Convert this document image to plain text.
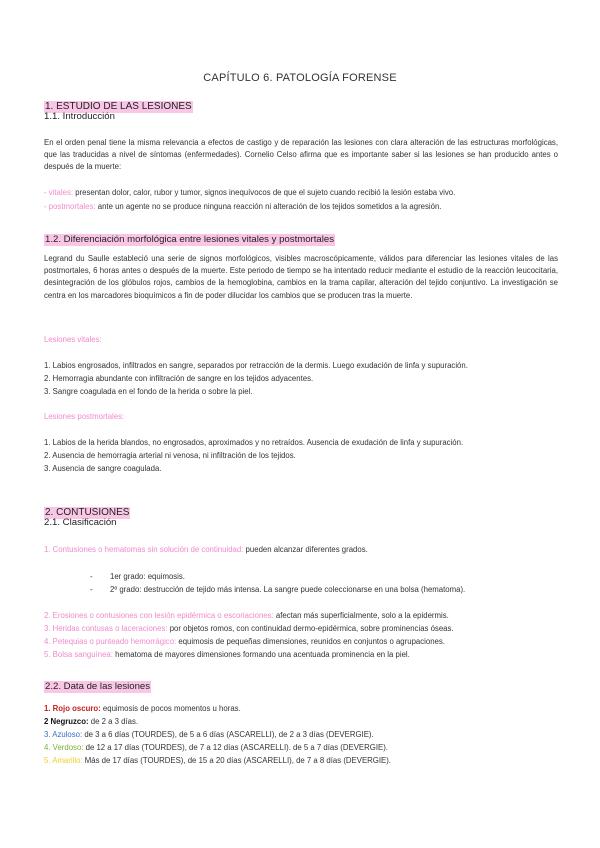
CAPÍTULO 6. PATOLOGÍA FORENSE
1. ESTUDIO DE LAS LESIONES
1.1. Introducción
En el orden penal tiene la misma relevancia a efectos de castigo y de reparación las lesiones con clara alteración de las estructuras morfológicas, que las traducidas a nivel de síntomas (enfermedades). Cornelio Celso afirma que es importante saber si las lesiones se han producido antes o después de la muerte:
- vitales: presentan dolor, calor, rubor y tumor, signos inequívocos de que el sujeto cuando recibió la lesión estaba vivo.
- postmortales: ante un agente no se produce ninguna reacción ni alteración de los tejidos sometidos a la agresión.
1.2. Diferenciación morfológica entre lesiones vitales y postmortales
Legrand du Saulle estableció una serie de signos morfológicos, visibles macroscópicamente, válidos para diferenciar las lesiones vitales de las postmortales, 6 horas antes o después de la muerte. Este periodo de tiempo se ha intentado reducir mediante el estudio de la reacción leucocitaria, desintegración de los glóbulos rojos, cambios de la hemoglobina, cambios en la trama capilar, alteración del tejido conjuntivo. La investigación se centra en los marcadores bioquímicos a fin de poder dilucidar los cambios que se producen tras la muerte.
Lesiones vitales:
1. Labios engrosados, infiltrados en sangre, separados por retracción de la dermis. Luego exudación de linfa y supuración.
2. Hemorragia abundante con infiltración de sangre en los tejidos adyacentes.
3. Sangre coagulada en el fondo de la herida o sobre la piel.
Lesiones postmortales:
1. Labios de la herida blandos, no engrosados, aproximados y no retraídos. Ausencia de exudación de linfa y supuración.
2. Ausencia de hemorragia arterial ni venosa, ni infiltración de los tejidos.
3. Ausencia de sangre coagulada.
2. CONTUSIONES
2.1. Clasificación
1. Contusiones o hematomas sin solución de continuidad: pueden alcanzar diferentes grados.
- 1er grado: equimosis.
- 2º grado: destrucción de tejido más intensa. La sangre puede coleccionarse en una bolsa (hematoma).
2. Erosiones o contusiones con lesión epidérmica o escoriaciones: afectan más superficialmente, solo a la epidermis.
3. Heridas contusas o laceraciones: por objetos romos, con continuidad dermo-epidérmica, sobre prominencias óseas.
4. Petequias o punteado hemorrágico: equimosis de pequeñas dimensiones, reunidos en conjuntos o agrupaciones.
5. Bolsa sanguínea: hematoma de mayores dimensiones formando una acentuada prominencia en la piel.
2.2. Data de las lesiones
1. Rojo oscuro: equimosis de pocos momentos u horas.
2 Negruzco: de 2 a 3 días.
3. Azuloso: de 3 a 6 días (TOURDES), de 5 a 6 días (ASCARELLI), de 2 a 3 días (DEVERGIE).
4. Verdoso: de 12 a 17 días (TOURDES), de 7 a 12 días (ASCARELLI). de 5 a 7 días (DEVERGIE).
5. Amarillo: Más de 17 días (TOURDES), de 15 a 20 días (ASCARELLI), de 7 a 8 días (DEVERGIE).
